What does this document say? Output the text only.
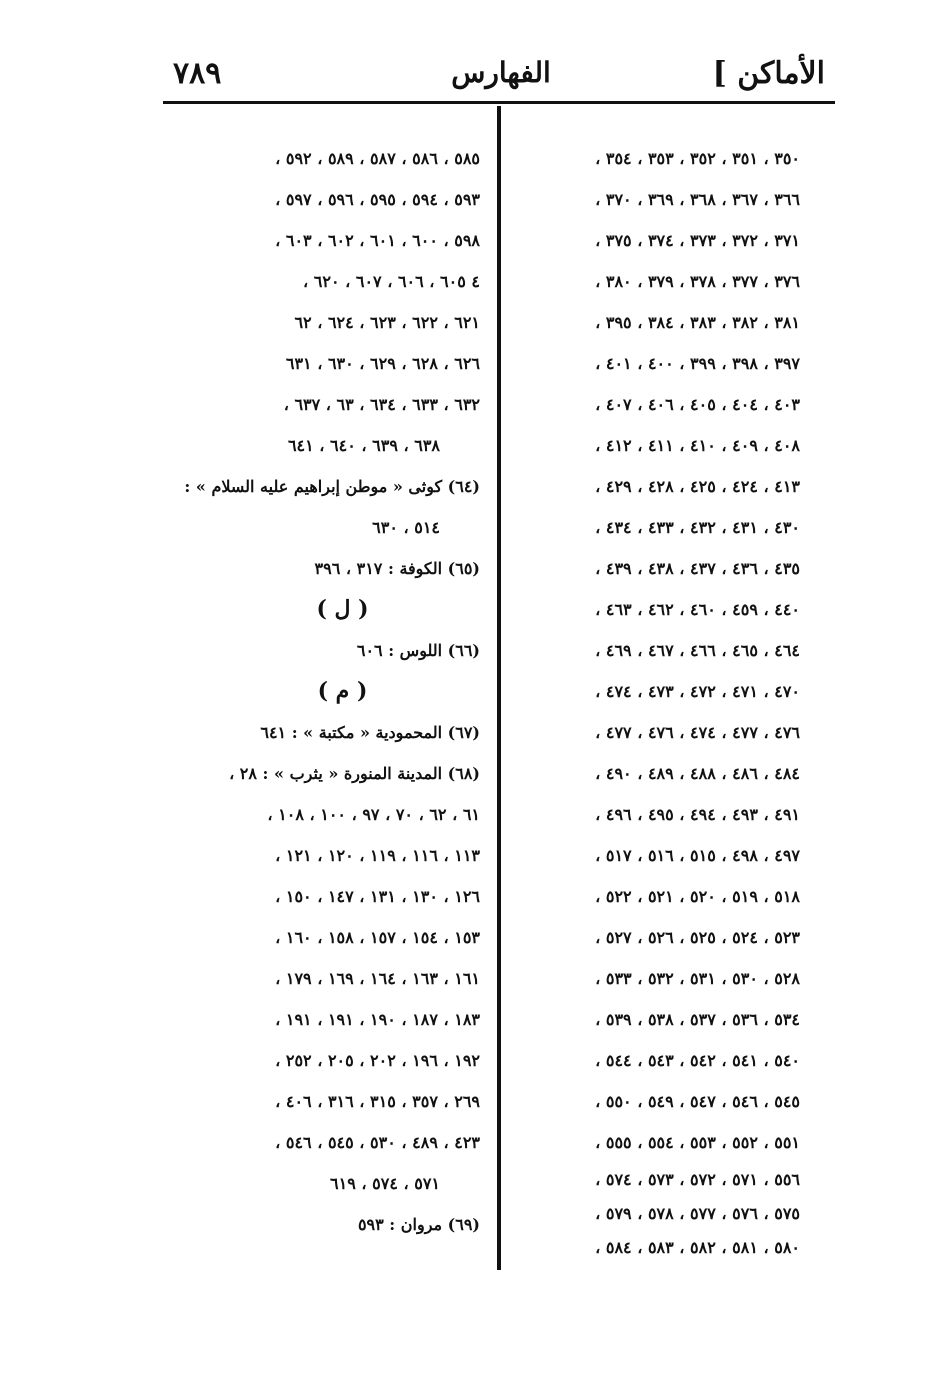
٧٨٩	الفهارس	الأماكن ]
٣٥٠ ، ٣٥١ ، ٣٥٢ ، ٣٥٣ ، ٣٥٤ ،
٣٦٦ ، ٣٦٧ ، ٣٦٨ ، ٣٦٩ ، ٣٧٠ ،
٣٧١ ، ٣٧٢ ، ٣٧٣ ، ٣٧٤ ، ٣٧٥ ،
٣٧٦ ، ٣٧٧ ، ٣٧٨ ، ٣٧٩ ، ٣٨٠ ،
٣٨١ ، ٣٨٢ ، ٣٨٣ ، ٣٨٤ ، ٣٩٥ ،
٣٩٧ ، ٣٩٨ ، ٣٩٩ ، ٤٠٠ ، ٤٠١ ،
٤٠٣ ، ٤٠٤ ، ٤٠٥ ، ٤٠٦ ، ٤٠٧ ،
٤٠٨ ، ٤٠٩ ، ٤١٠ ، ٤١١ ، ٤١٢ ،
٤١٣ ، ٤٢٤ ، ٤٢٥ ، ٤٢٨ ، ٤٢٩ ،
٤٣٠ ، ٤٣١ ، ٤٣٢ ، ٤٣٣ ، ٤٣٤ ،
٤٣٥ ، ٤٣٦ ، ٤٣٧ ، ٤٣٨ ، ٤٣٩ ،
٤٤٠ ، ٤٥٩ ، ٤٦٠ ، ٤٦٢ ، ٤٦٣ ،
٤٦٤ ، ٤٦٥ ، ٤٦٦ ، ٤٦٧ ، ٤٦٩ ،
٤٧٠ ، ٤٧١ ، ٤٧٢ ، ٤٧٣ ، ٤٧٤ ،
٤٧٦ ، ٤٧٧ ، ٤٧٤ ، ٤٧٦ ، ٤٧٧ ،
٤٨٤ ، ٤٨٦ ، ٤٨٨ ، ٤٨٩ ، ٤٩٠ ،
٤٩١ ، ٤٩٣ ، ٤٩٤ ، ٤٩٥ ، ٤٩٦ ،
٤٩٧ ، ٤٩٨ ، ٥١٥ ، ٥١٦ ، ٥١٧ ،
٥١٨ ، ٥١٩ ، ٥٢٠ ، ٥٢١ ، ٥٢٢ ،
٥٢٣ ، ٥٢٤ ، ٥٢٥ ، ٥٢٦ ، ٥٢٧ ،
٥٢٨ ، ٥٣٠ ، ٥٣١ ، ٥٣٢ ، ٥٣٣ ،
٥٣٤ ، ٥٣٦ ، ٥٣٧ ، ٥٣٨ ، ٥٣٩ ،
٥٤٠ ، ٥٤١ ، ٥٤٢ ، ٥٤٣ ، ٥٤٤ ،
٥٤٥ ، ٥٤٦ ، ٥٤٧ ، ٥٤٩ ، ٥٥٠ ،
٥٥١ ، ٥٥٢ ، ٥٥٣ ، ٥٥٤ ، ٥٥٥ ،
٥٥٦ ، ٥٧١ ، ٥٧٢ ، ٥٧٣ ، ٥٧٤ ،
٥٧٥ ، ٥٧٦ ، ٥٧٧ ، ٥٧٨ ، ٥٧٩ ،
٥٨٠ ، ٥٨١ ، ٥٨٢ ، ٥٨٣ ، ٥٨٤ ،
٥٨٥ ، ٥٨٦ ، ٥٨٧ ، ٥٨٩ ، ٥٩٢ ،
٥٩٣ ، ٥٩٤ ، ٥٩٥ ، ٥٩٦ ، ٥٩٧ ،
٥٩٨ ، ٦٠٠ ، ٦٠١ ، ٦٠٢ ، ٦٠٣ ،
٤ ٦٠٥ ، ٦٠٦ ، ٦٠٧ ، ٦٢٠ ،
٦٢١ ، ٦٢٢ ، ٦٢٣ ، ٦٢٤ ، ٦٢
٦٢٦ ، ٦٢٨ ، ٦٢٩ ، ٦٣٠ ، ٦٣١
٦٣٢ ، ٦٣٣ ، ٦٣٤ ، ٦٣ ، ٦٣٧ ،
٦٣٨ ، ٦٣٩ ، ٦٤٠ ، ٦٤١
(٦٤) كوثى « موطن إبراهيم عليه السلام » :
٥١٤ ، ٦٣٠
(٦٥) الكوفة : ٣١٧ ، ٣٩٦
( ل )
(٦٦) اللوس : ٦٠٦
( م )
(٦٧) المحمودية « مكتبة » : ٦٤١
(٦٨) المدينة المنورة « يثرب » : ٢٨ ،
٦١ ، ٦٢ ، ٧٠ ، ٩٧ ، ١٠٠ ، ١٠٨ ،
١١٣ ، ١١٦ ، ١١٩ ، ١٢٠ ، ١٢١ ،
١٢٦ ، ١٣٠ ، ١٣١ ، ١٤٧ ، ١٥٠ ،
١٥٣ ، ١٥٤ ، ١٥٧ ، ١٥٨ ، ١٦٠ ،
١٦١ ، ١٦٣ ، ١٦٤ ، ١٦٩ ، ١٧٩ ،
١٨٣ ، ١٨٧ ، ١٩٠ ، ١٩١ ، ١٩١ ،
١٩٢ ، ١٩٦ ، ٢٠٢ ، ٢٠٥ ، ٢٥٢ ،
٢٦٩ ، ٣٥٧ ، ٣١٥ ، ٣١٦ ، ٤٠٦ ،
٤٢٣ ، ٤٨٩ ، ٥٣٠ ، ٥٤٥ ، ٥٤٦ ،
٥٧١ ، ٥٧٤ ، ٦١٩
(٦٩) مروان : ٥٩٣
